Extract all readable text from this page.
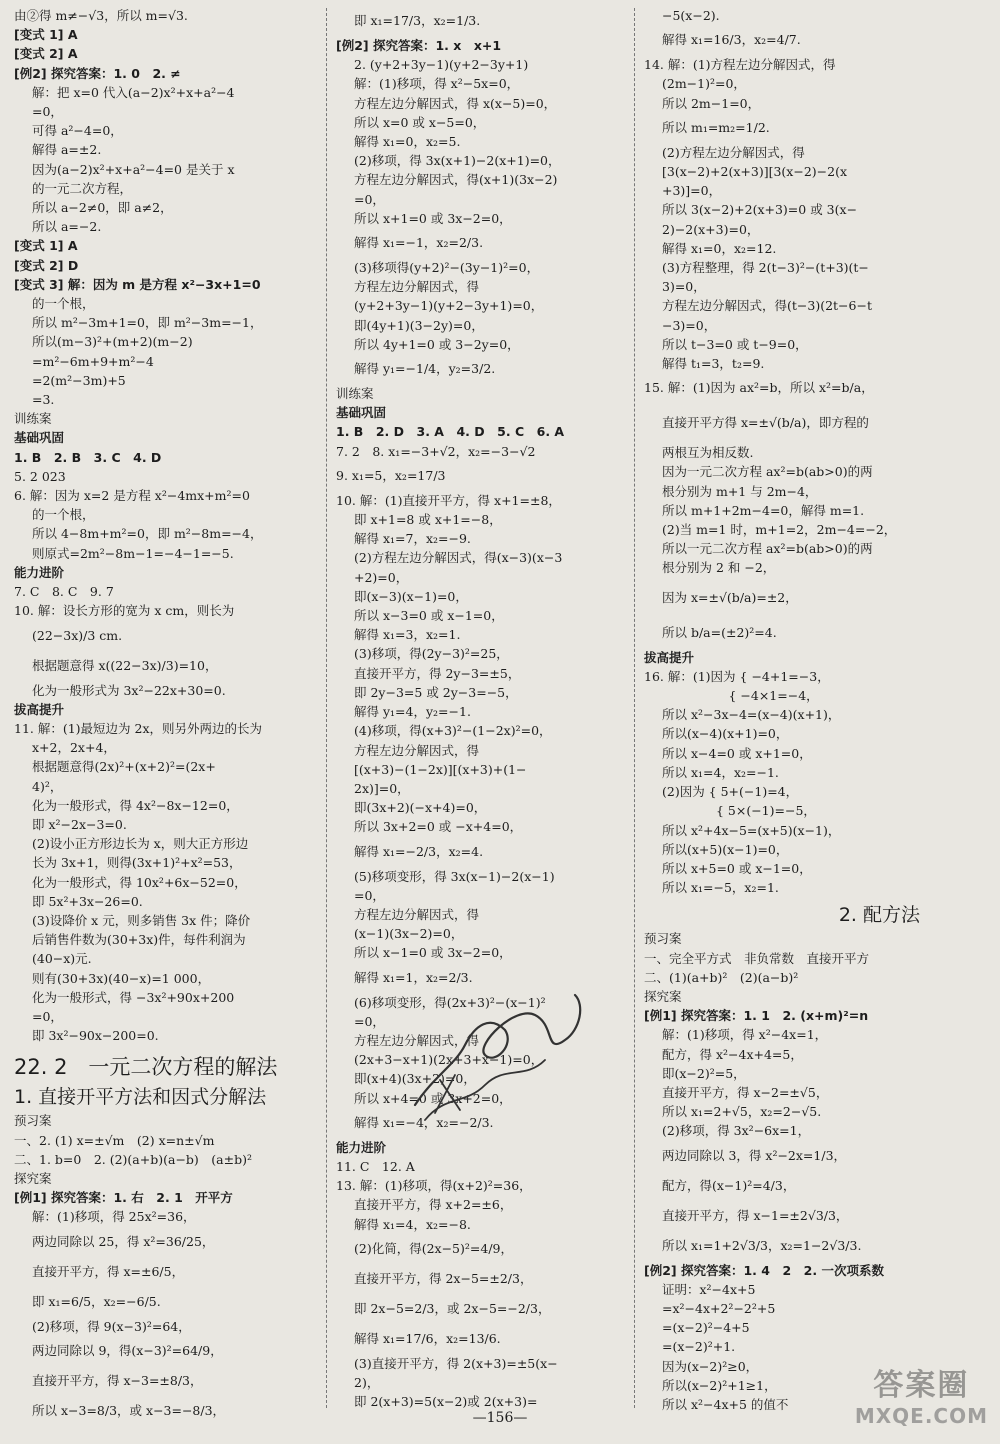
由②得 m≠−√3，所以 m=√3.
[变式 1] A
[变式 2] A
[例2] 探究答案：1. 0　2. ≠
解：把 x=0 代入(a−2)x²+x+a²−4
=0，
可得 a²−4=0，
解得 a=±2.
因为(a−2)x²+x+a²−4=0 是关于 x
的一元二次方程，
所以 a−2≠0，即 a≠2，
所以 a=−2.
[变式 1] A
[变式 2] D
[变式 3] 解：因为 m 是方程 x²−3x+1=0
的一个根，
所以 m²−3m+1=0，即 m²−3m=−1，
所以(m−3)²+(m+2)(m−2)
=m²−6m+9+m²−4
=2(m²−3m)+5
=3.
训练案
基础巩固
1. B　2. B　3. C　4. D
5. 2 023
6. 解：因为 x=2 是方程 x²−4mx+m²=0
的一个根，
所以 4−8m+m²=0，即 m²−8m=−4，
则原式=2m²−8m−1=−4−1=−5.
能力进阶
7. C　8. C　9. 7
10. 解：设长方形的宽为 x cm，则长为
(22−3x)/3 cm.
根据题意得 x((22−3x)/3)=10，
化为一般形式为 3x²−22x+30=0.
拔高提升
11. 解：(1)最短边为 2x，则另外两边的长为
x+2，2x+4，
根据题意得(2x)²+(x+2)²=(2x+
4)²，
化为一般形式，得 4x²−8x−12=0，
即 x²−2x−3=0.
(2)设小正方形边长为 x，则大正方形边
长为 3x+1，则得(3x+1)²+x²=53，
化为一般形式，得 10x²+6x−52=0，
即 5x²+3x−26=0.
(3)设降价 x 元，则多销售 3x 件；降价
后销售件数为(30+3x)件，每件利润为
(40−x)元.
则有(30+3x)(40−x)=1 000，
化为一般形式，得 −3x²+90x+200
=0，
即 3x²−90x−200=0.
22. 2　一元二次方程的解法
1. 直接开平方法和因式分解法
预习案
一、2. (1) x=±√m　(2) x=n±√m
二、1. b=0　2. (2)(a+b)(a−b)　(a±b)²
探究案
[例1] 探究答案：1. 右　2. 1　开平方
解：(1)移项，得 25x²=36，
两边同除以 25，得 x²=36/25，
直接开平方，得 x=±6/5，
即 x₁=6/5，x₂=−6/5.
(2)移项，得 9(x−3)²=64，
两边同除以 9，得(x−3)²=64/9，
直接开平方，得 x−3=±8/3，
所以 x−3=8/3，或 x−3=−8/3，
即 x₁=17/3，x₂=1/3.
[例2] 探究答案：1. x　x+1
2. (y+2+3y−1)(y+2−3y+1)
解：(1)移项，得 x²−5x=0，
方程左边分解因式，得 x(x−5)=0，
所以 x=0 或 x−5=0，
解得 x₁=0，x₂=5.
(2)移项，得 3x(x+1)−2(x+1)=0，
方程左边分解因式，得(x+1)(3x−2)
=0，
所以 x+1=0 或 3x−2=0，
解得 x₁=−1，x₂=2/3.
(3)移项得(y+2)²−(3y−1)²=0，
方程左边分解因式，得
(y+2+3y−1)(y+2−3y+1)=0，
即(4y+1)(3−2y)=0，
所以 4y+1=0 或 3−2y=0，
解得 y₁=−1/4，y₂=3/2.
训练案
基础巩固
1. B　2. D　3. A　4. D　5. C　6. A
7. 2　8. x₁=−3+√2，x₂=−3−√2
9. x₁=5，x₂=17/3
10. 解：(1)直接开平方，得 x+1=±8，
即 x+1=8 或 x+1=−8，
解得 x₁=7，x₂=−9.
(2)方程左边分解因式，得(x−3)(x−3
+2)=0，
即(x−3)(x−1)=0，
所以 x−3=0 或 x−1=0，
解得 x₁=3，x₂=1.
(3)移项，得(2y−3)²=25，
直接开平方，得 2y−3=±5，
即 2y−3=5 或 2y−3=−5，
解得 y₁=4，y₂=−1.
(4)移项，得(x+3)²−(1−2x)²=0，
方程左边分解因式，得
[(x+3)−(1−2x)][(x+3)+(1−
2x)]=0，
即(3x+2)(−x+4)=0，
所以 3x+2=0 或 −x+4=0，
解得 x₁=−2/3，x₂=4.
(5)移项变形，得 3x(x−1)−2(x−1)
=0，
方程左边分解因式，得
(x−1)(3x−2)=0，
所以 x−1=0 或 3x−2=0，
解得 x₁=1，x₂=2/3.
(6)移项变形，得(2x+3)²−(x−1)²
=0，
方程左边分解因式，得
(2x+3−x+1)(2x+3+x−1)=0，
即(x+4)(3x+2)=0，
所以 x+4=0 或 3x+2=0，
解得 x₁=−4，x₂=−2/3.
能力进阶
11. C　12. A
13. 解：(1)移项，得(x+2)²=36，
直接开平方，得 x+2=±6，
解得 x₁=4，x₂=−8.
(2)化简，得(2x−5)²=4/9，
直接开平方，得 2x−5=±2/3，
即 2x−5=2/3，或 2x−5=−2/3，
解得 x₁=17/6，x₂=13/6.
(3)直接开平方，得 2(x+3)=±5(x−
2)，
即 2(x+3)=5(x−2)或 2(x+3)=
−5(x−2).
解得 x₁=16/3，x₂=4/7.
14. 解：(1)方程左边分解因式，得
(2m−1)²=0，
所以 2m−1=0，
所以 m₁=m₂=1/2.
(2)方程左边分解因式，得
[3(x−2)+2(x+3)][3(x−2)−2(x
+3)]=0，
所以 3(x−2)+2(x+3)=0 或 3(x−
2)−2(x+3)=0，
解得 x₁=0，x₂=12.
(3)方程整理，得 2(t−3)²−(t+3)(t−
3)=0，
方程左边分解因式，得(t−3)(2t−6−t
−3)=0，
所以 t−3=0 或 t−9=0，
解得 t₁=3，t₂=9.
15. 解：(1)因为 ax²=b，所以 x²=b/a，
直接开平方得 x=±√(b/a)，即方程的
两根互为相反数.
因为一元二次方程 ax²=b(ab>0)的两
根分别为 m+1 与 2m−4，
所以 m+1+2m−4=0，解得 m=1.
(2)当 m=1 时，m+1=2，2m−4=−2，
所以一元二次方程 ax²=b(ab>0)的两
根分别为 2 和 −2，
因为 x=±√(b/a)=±2，
所以 b/a=(±2)²=4.
拔高提升
16. 解：(1)因为 { −4+1=−3，
　　　　　 { −4×1=−4，
所以 x²−3x−4=(x−4)(x+1)，
所以(x−4)(x+1)=0，
所以 x−4=0 或 x+1=0，
所以 x₁=4，x₂=−1.
(2)因为 { 5+(−1)=4，
　　　　 { 5×(−1)=−5，
所以 x²+4x−5=(x+5)(x−1)，
所以(x+5)(x−1)=0，
所以 x+5=0 或 x−1=0，
所以 x₁=−5，x₂=1.
2. 配方法
预习案
一、完全平方式　非负常数　直接开平方
二、(1)(a+b)²　(2)(a−b)²
探究案
[例1] 探究答案：1. 1　2. (x+m)²=n
解：(1)移项，得 x²−4x=1，
配方，得 x²−4x+4=5，
即(x−2)²=5，
直接开平方，得 x−2=±√5，
所以 x₁=2+√5，x₂=2−√5.
(2)移项，得 3x²−6x=1，
两边同除以 3，得 x²−2x=1/3，
配方，得(x−1)²=4/3，
直接开平方，得 x−1=±2√3/3，
所以 x₁=1+2√3/3，x₂=1−2√3/3.
[例2] 探究答案：1. 4　2　2. 一次项系数
证明：x²−4x+5
=x²−4x+2²−2²+5
=(x−2)²−4+5
=(x−2)²+1.
因为(x−2)²≥0，
所以(x−2)²+1≥1，
所以 x²−4x+5 的值不
—156—
答案圈
MXQE.COM
